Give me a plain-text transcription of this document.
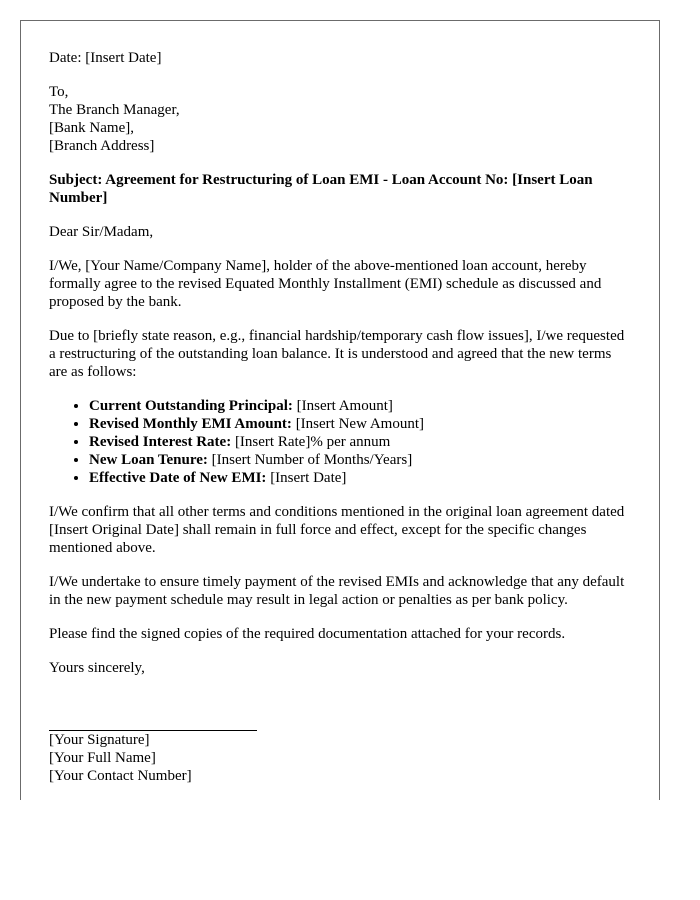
Date: [Insert Date]

To,
The Branch Manager,
[Bank Name],
[Branch Address]

Subject: Agreement for Restructuring of Loan EMI - Loan Account No: [Insert Loan Number]

Dear Sir/Madam,

I/We, [Your Name/Company Name], holder of the above-mentioned loan account, hereby formally agree to the revised Equated Monthly Installment (EMI) schedule as discussed and proposed by the bank.

Due to [briefly state reason, e.g., financial hardship/temporary cash flow issues], I/we requested a restructuring of the outstanding loan balance. It is understood and agreed that the new terms are as follows:

• Current Outstanding Principal: [Insert Amount]
• Revised Monthly EMI Amount: [Insert New Amount]
• Revised Interest Rate: [Insert Rate]% per annum
• New Loan Tenure: [Insert Number of Months/Years]
• Effective Date of New EMI: [Insert Date]

I/We confirm that all other terms and conditions mentioned in the original loan agreement dated [Insert Original Date] shall remain in full force and effect, except for the specific changes mentioned above.

I/We undertake to ensure timely payment of the revised EMIs and acknowledge that any default in the new payment schedule may result in legal action or penalties as per bank policy.

Please find the signed copies of the required documentation attached for your records.

Yours sincerely,

[Your Signature]
[Your Full Name]
[Your Contact Number]
